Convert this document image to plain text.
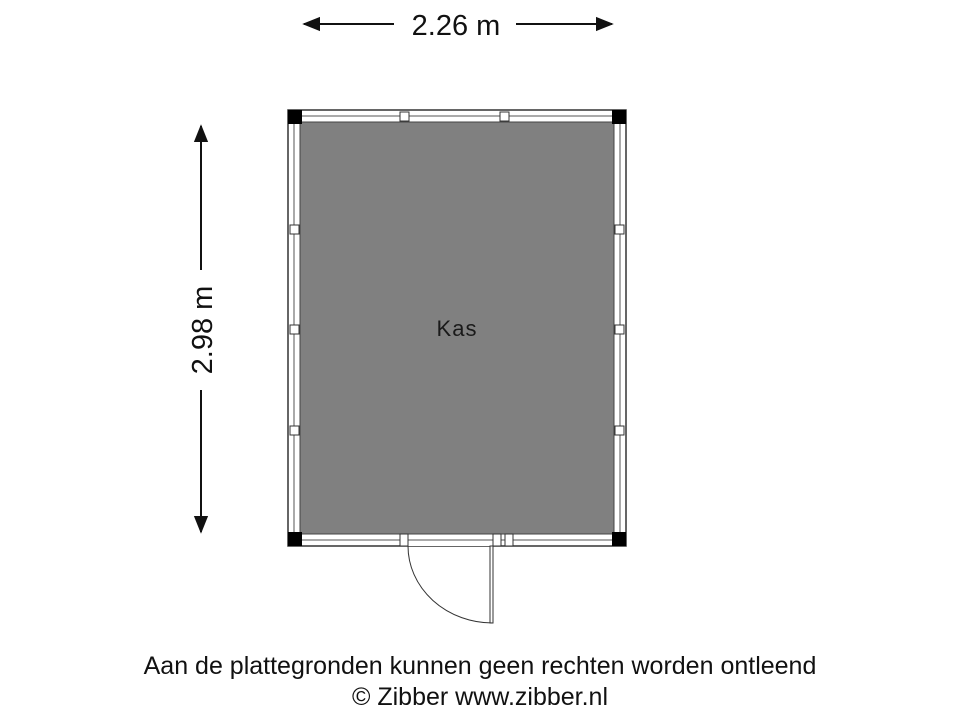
2.26 m
2.98 m	Kas
Aan de plattegronden kunnen geen rechten worden ontleend
© Zibber www.zibber.nl
